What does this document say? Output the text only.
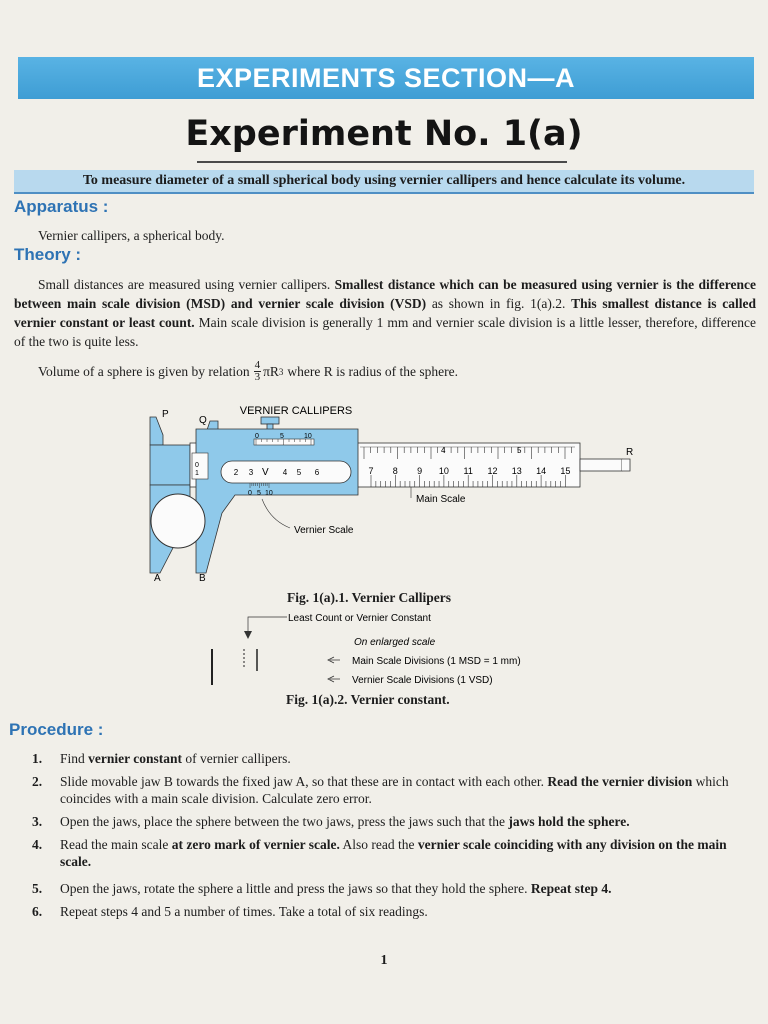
EXPERIMENTS SECTION—A
Experiment No. 1(a)
To measure diameter of a small spherical body using vernier callipers and hence calculate its volume.
Apparatus :
Vernier callipers, a spherical body.
Theory :
Small distances are measured using vernier callipers. Smallest distance which can be measured using vernier is the difference between main scale division (MSD) and vernier scale division (VSD) as shown in fig. 1(a).2. This smallest distance is called vernier constant or least count. Main scale division is generally 1 mm and vernier scale division is a little lesser, therefore, difference of the two is quite less.
Volume of a sphere is given by relation $\frac{4}{3}$ πR 3 where R is radius of the sphere.
VERNIER CALLIPERS
P
Q
7 8 9 10 11 12 13 14 15
4	5	R
0	5	10
2 3	5 6
4
V
0
1
0 5 10
A	B
Main Scale
Vernier Scale
Fig. 1(a).1. Vernier Callipers
Least Count or Vernier Constant
On enlarged scale
Main Scale Divisions (1 MSD = 1 mm)
Vernier Scale Divisions (1 VSD)
Fig. 1(a).2. Vernier constant.
Procedure :
1. Find vernier constant of vernier callipers.
2. Slide movable jaw B towards the fixed jaw A, so that these are in contact with each other. Read the vernier division which coincides with a main scale division. Calculate zero error.
3. Open the jaws, place the sphere between the two jaws, press the jaws such that the jaws hold the sphere.
4. Read the main scale at zero mark of vernier scale. Also read the vernier scale coinciding with any division on the main scale.
5. Open the jaws, rotate the sphere a little and press the jaws so that they hold the sphere. Repeat step 4.
6. Repeat steps 4 and 5 a number of times. Take a total of six readings.
1
